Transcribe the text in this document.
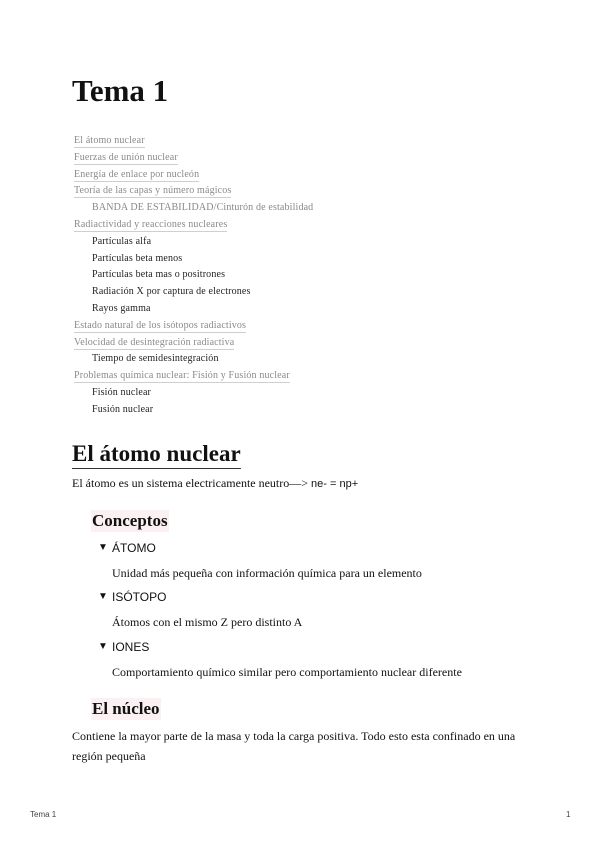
Tema 1
El átomo nuclear
Fuerzas de unión nuclear
Energía de enlace por nucleón
Teoría de las capas y número mágicos
BANDA DE ESTABILIDAD/Cinturón de estabilidad
Radiactividad y reacciones nucleares
Partículas alfa
Partículas beta menos
Partículas beta mas o positrones
Radiación X por captura de electrones
Rayos gamma
Estado natural de los isótopos radiactivos
Velocidad de desintegración radiactiva
Tiempo de semidesintegración
Problemas química nuclear: Fisión y Fusión nuclear
Fisión nuclear
Fusión nuclear
El átomo nuclear

El átomo es un sistema electricamente neutro—> ne- = np+

Conceptos
▼ ÁTOMO

Unidad más pequeña con información química para un elemento

▼ ISÓTOPO

Átomos con el mismo Z pero distinto A

▼ IONES

Comportamiento químico similar pero comportamiento nuclear diferente

El núcleo

Contiene la mayor parte de la masa y toda la carga positiva. Todo esto esta confinado en una región pequeña

Tema 1	1
